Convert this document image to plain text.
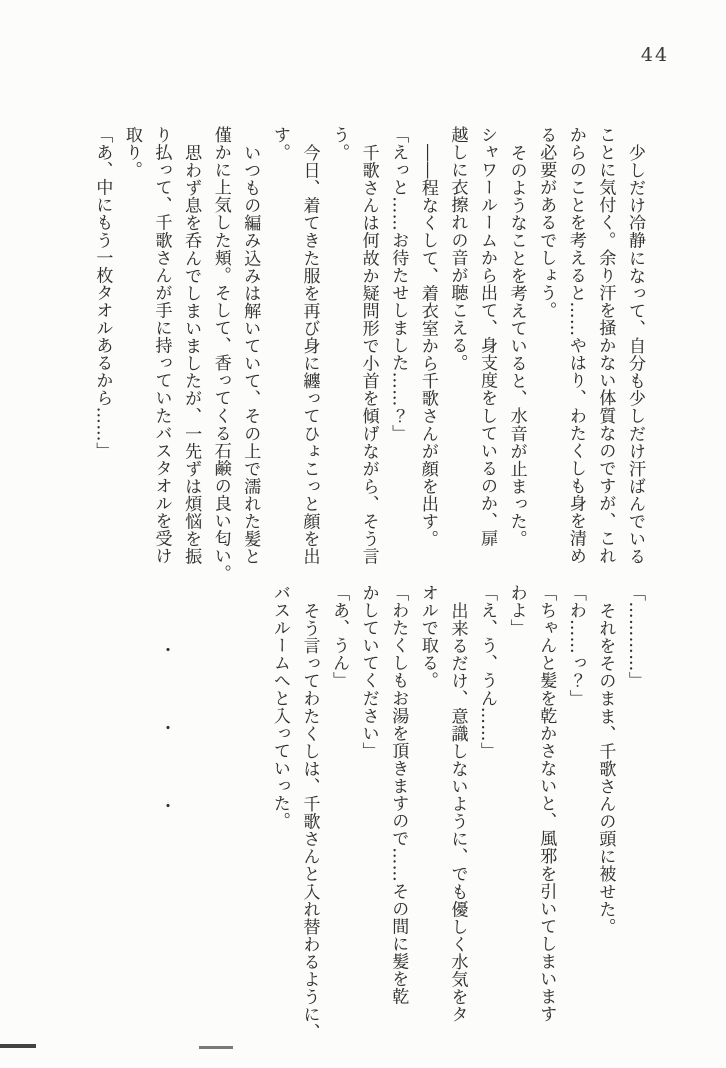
44
少しだけ冷静になって、自分も少しだけ汗ばんでいる
ことに気付く。余り汗を掻かない体質なのですが、これ
からのことを考えると……やはり、わたくしも身を清め
る必要があるでしょう。
そのようなことを考えていると、水音が止まった。
シャワールームから出て、身支度をしているのか、扉
越しに衣擦れの音が聴こえる。
――程なくして、着衣室から千歌さんが顔を出す。
「えっと……お待たせしました……？」
千歌さんは何故か疑問形で小首を傾げながら、そう言
う。
今日、着てきた服を再び身に纏ってひょこっと顔を出
す。
いつもの編み込みは解いていて、その上で濡れた髪と
僅かに上気した頬。そして、香ってくる石鹸の良い匂い。
思わず息を呑んでしまいましたが、一先ずは煩悩を振
り払って、千歌さんが手に持っていたバスタオルを受け
取り。
「あ、中にもう一枚タオルあるから……」
「…………」
それをそのまま、千歌さんの頭に被せた。
「わ……っ？」
「ちゃんと髪を乾かさないと、風邪を引いてしまいます
わよ」
「え、う、うん……」
出来るだけ、意識しないように、でも優しく水気をタ
オルで取る。
「わたくしもお湯を頂きますので……その間に髪を乾
かしていてください」
「あ、うん」
そう言ってわたくしは、千歌さんと入れ替わるように、
バスルームへと入っていった。
・
・
・
